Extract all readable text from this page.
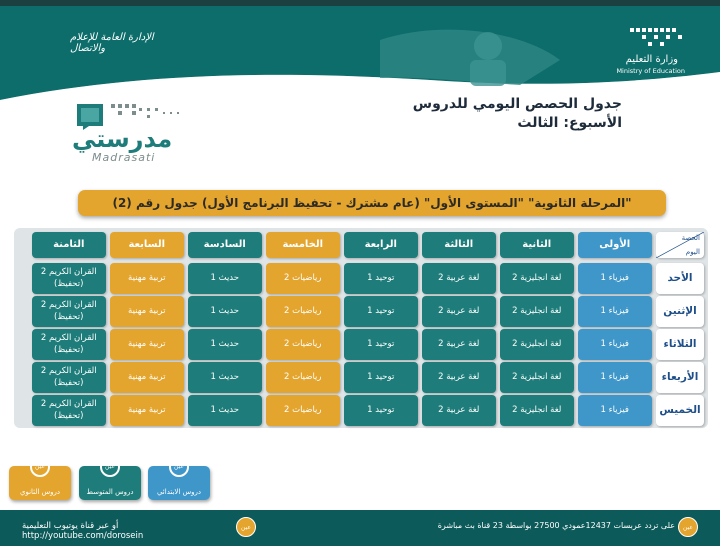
وزارة التعليم
Ministry of Education
الإدارة العامة للإعلام والاتصال
جدول الحصص اليومي للدروس
الأسبوع: الثالث
مدرستي
Madrasati
"المرحلة الثانوية" "المستوى الأول" (عام مشترك - تحفيظ البرنامج الأول) جدول رقم (2)
الحصة
اليوم
الأولى
الثانية
الثالثة
الرابعة
الخامسة
السادسة
السابعة
الثامنة
الأحد
فيزياء 1
لغة انجليزية 2
لغة عربية 2
توحيد 1
رياضيات 2
حديث 1
تربية مهنية
القران الكريم 2 (تحفيظ)
الإثنين
فيزياء 1
لغة انجليزية 2
لغة عربية 2
توحيد 1
رياضيات 2
حديث 1
تربية مهنية
القران الكريم 2 (تحفيظ)
الثلاثاء
فيزياء 1
لغة انجليزية 2
لغة عربية 2
توحيد 1
رياضيات 2
حديث 1
تربية مهنية
القران الكريم 2 (تحفيظ)
الأربعاء
فيزياء 1
لغة انجليزية 2
لغة عربية 2
توحيد 1
رياضيات 2
حديث 1
تربية مهنية
القران الكريم 2 (تحفيظ)
الخميس
فيزياء 1
لغة انجليزية 2
لغة عربية 2
توحيد 1
رياضيات 2
حديث 1
تربية مهنية
القران الكريم 2 (تحفيظ)
عين
دروس الابتدائي
عين
دروس المتوسط
عين
دروس الثانوي
عين
أو عبر قناة يوتيوب التعليمية http://youtube.com/dorosein
على تردد عربسات 12437عمودي 27500 بواسطة 23 قناة بث مباشرة	عين
